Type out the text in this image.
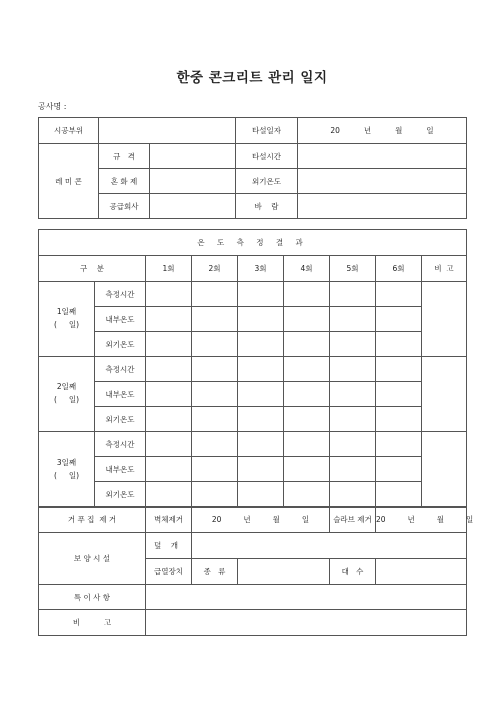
한중 콘크리트 관리 일지
공사명 :
시공부위			타설일자	20 년 월 일
레 미 콘	규   격		타설시간	
	혼 화 제		외기온도	
	공급회사		바    람	
온 도 측 정 결 과								
구    분		1회	2회	3회	4회	5회	6회	비  고

1일째
(     일)	측정시간							
	내부온도							
	외기온도							

2일째
(     일)	측정시간							
	내부온도							
	외기온도							

3일째
(     일)	측정시간							
	내부온도							
	외기온도							
거 푸 집  제 거	벽체제거	20 년 월 일		슬라브 제거	20 년 월 일
보 양 시 설	덮    개				
	급열장치	종   류		대   수	
특 이 사 항					
비          고					
